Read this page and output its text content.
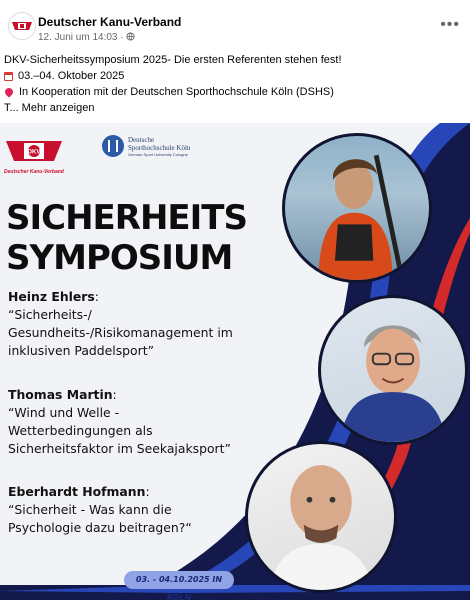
Deutscher Kanu-Verband
12. Juni um 14:03 ·
•••
DKV-Sicherheitssymposium 2025- Die ersten Referenten stehen fest!
03.–04. Oktober 2025
In Kooperation mit der Deutschen Sporthochschule Köln (DSHS)
T... Mehr anzeigen
DKV
Deutscher Kanu-Verband
Deutsche
Sporthochschule Köln
German Sport University Cologne
SICHERHEITS
SYMPOSIUM
Heinz Ehlers:
“Sicherheits-/
Gesundheits-/Risikomanagement im
inklusiven Paddelsport”
Thomas Martin:
“Wind und Welle -
Wetterbedingungen als
Sicherheitsfaktor im Seekajaksport”
Eberhardt Hofmann:
“Sicherheit - Was kann die
Psychologie dazu beitragen?“
03. - 04.10.2025 IN KÖLN
